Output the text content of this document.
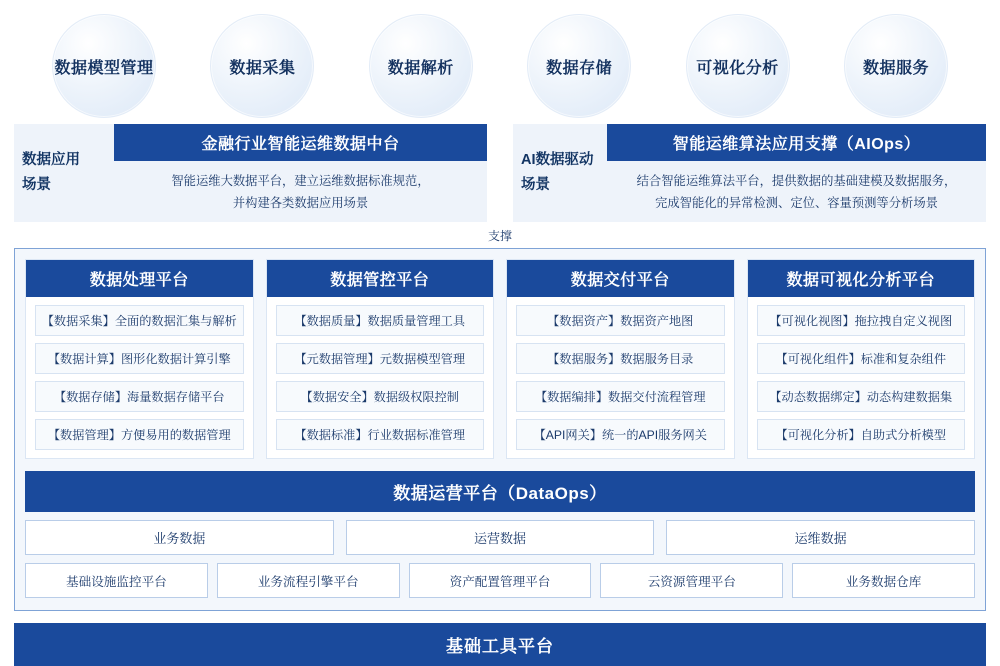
数据模型管理	数据采集	数据解析	数据存储	可视化分析	数据服务
数据应用
场景
金融行业智能运维数据中台
智能运维大数据平台，建立运维数据标准规范，
并构建各类数据应用场景
AI数据驱动
场景
智能运维算法应用支撑（AIOps）
结合智能运维算法平台，提供数据的基础建模及数据服务，
完成智能化的异常检测、定位、容量预测等分析场景
支撑
数据处理平台
【数据采集】全面的数据汇集与解析
【数据计算】图形化数据计算引擎
【数据存储】海量数据存储平台
【数据管理】方便易用的数据管理
数据管控平台
【数据质量】数据质量管理工具
【元数据管理】元数据模型管理
【数据安全】数据级权限控制
【数据标准】行业数据标准管理
数据交付平台
【数据资产】数据资产地图
【数据服务】数据服务目录
【数据编排】数据交付流程管理
【API网关】统一的API服务网关
数据可视化分析平台
【可视化视图】拖拉拽自定义视图
【可视化组件】标准和复杂组件
【动态数据绑定】动态构建数据集
【可视化分析】自助式分析模型
数据运营平台（DataOps）
业务数据	运营数据	运维数据
基础设施监控平台	业务流程引擎平台	资产配置管理平台	云资源管理平台	业务数据仓库
基础工具平台
